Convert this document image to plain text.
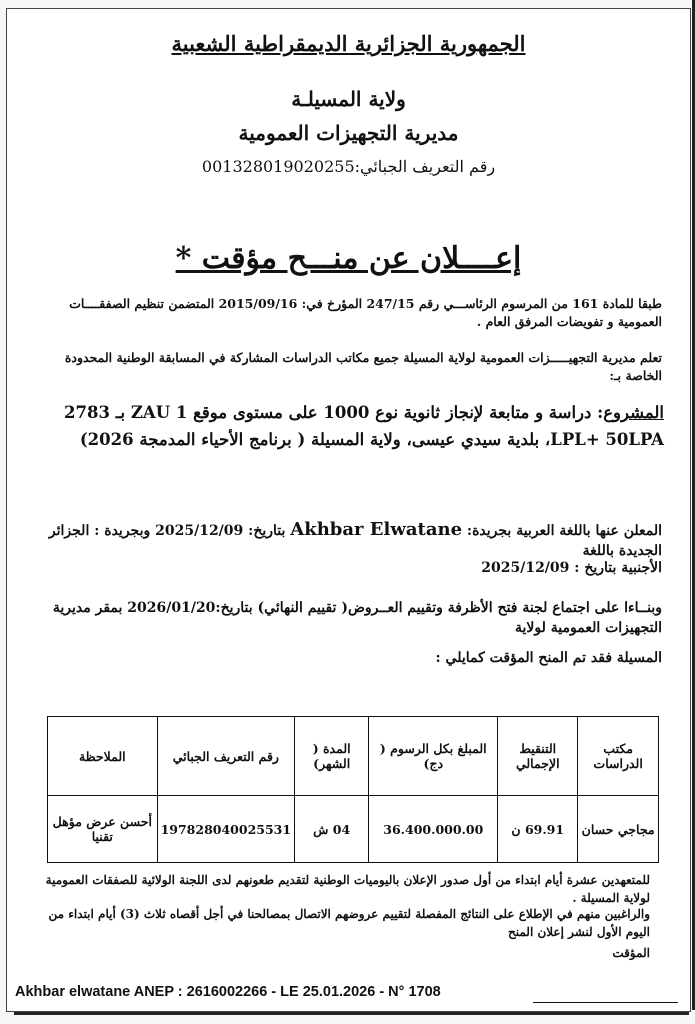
الجمهورية الجزائرية الديمقراطية الشعبية
ولاية المسيلـة
مديرية التجهيزات العمومية
رقم التعريف الجبائي:001328019020255
إعــــلان عن منـــح مؤقت *
طبقا للمادة 161 من المرسوم الرئاســـي رقم 247/15 المؤرخ في: 2015/09/16 المتضمن تنظيم الصفقــــات العمومية و تفويضات المرفق العام .
تعلم مديرية التجهيـــــزات العمومية لولاية المسيلة جميع مكاتب الدراسات المشاركة في المسابقة الوطنية المحدودة الخاصة بـ:
المشروع: دراسة و متابعة لإنجاز ثانوية نوع 1000 على مستوى موقع ZAU 1 بـ 2783 LPL+ 50LPA، بلدية سيدي عيسى، ولاية المسيلة ( برنامج الأحياء المدمجة 2026)
المعلن عنها باللغة العربية بجريدة: Akhbar Elwatane بتاريخ: 2025/12/09 وبجريدة : الجزائر الجديدة باللغة
الأجنبية بتاريخ : 2025/12/09
وبنــاءا على اجتماع لجنة فتح الأظرفة وتقييم العــروض( تقييم النهائي) بتاريخ:2026/01/20 بمقر مديرية التجهيزات العمومية لولاية
المسيلة فقد تم المنح المؤقت كمايلي :
مكتب الدراسات	التنقيط الإجمالي	المبلغ بكل الرسوم ( دج)	المدة ( الشهر)	رقم التعريف الجبائي	الملاحظة
مجاجي حسان	69.91 ن	36.400.000.00	04 ش	197828040025531	أحسن عرض مؤهل تقنيا
للمتعهدين عشرة أيام ابتداء من أول صدور الإعلان باليوميات الوطنية لتقديم طعونهم لدى اللجنة الولائية للصفقات العمومية لولاية المسيلة .
والراغبين منهم في الإطلاع على النتائج المفصلة لتقييم عروضهم الاتصال بمصالحنا في أجل أقصاه ثلاث (3) أيام ابتداء من اليوم الأول لنشر إعلان المنح
المؤقت
Akhbar elwatane ANEP : 2616002266 - LE 25.01.2026 - N° 1708
